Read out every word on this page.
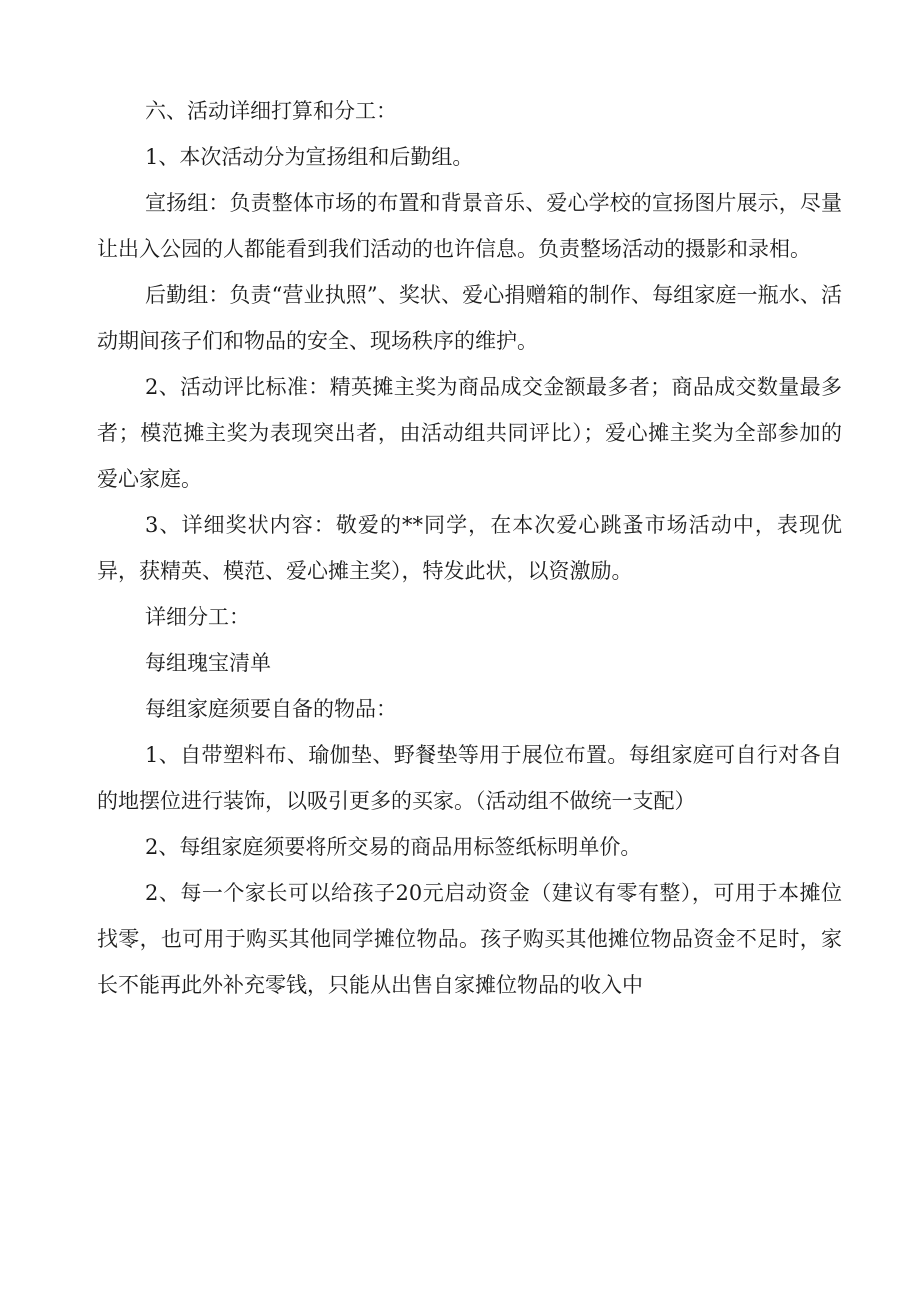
六、活动详细打算和分工：

1、本次活动分为宣扬组和后勤组。

宣扬组：负责整体市场的布置和背景音乐、爱心学校的宣扬图片展示，尽量让出入公园的人都能看到我们活动的也许信息。负责整场活动的摄影和录相。

后勤组：负责“营业执照”、奖状、爱心捐赠箱的制作、每组家庭一瓶水、活动期间孩子们和物品的安全、现场秩序的维护。

2、活动评比标准：精英摊主奖为商品成交金额最多者；商品成交数量最多者；模范摊主奖为表现突出者，由活动组共同评比）；爱心摊主奖为全部参加的爱心家庭。

3、详细奖状内容：敬爱的**同学，在本次爱心跳蚤市场活动中，表现优异，获精英、模范、爱心摊主奖），特发此状，以资激励。

详细分工：

每组瑰宝清单

每组家庭须要自备的物品：

1、自带塑料布、瑜伽垫、野餐垫等用于展位布置。每组家庭可自行对各自的地摆位进行装饰，以吸引更多的买家。（活动组不做统一支配）

2、每组家庭须要将所交易的商品用标签纸标明单价。

2、每一个家长可以给孩子20元启动资金（建议有零有整），可用于本摊位找零，也可用于购买其他同学摊位物品。孩子购买其他摊位物品资金不足时，家长不能再此外补充零钱，只能从出售自家摊位物品的收入中
